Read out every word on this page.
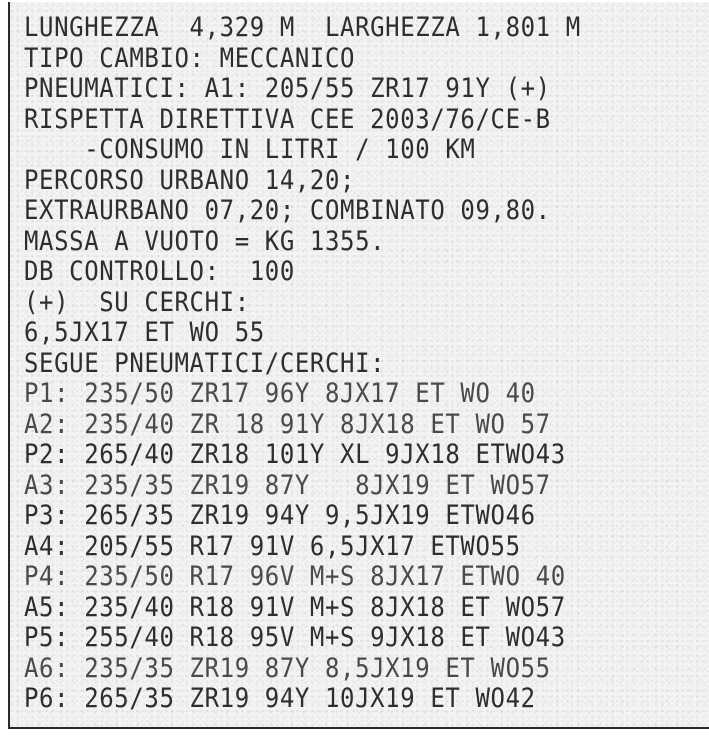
LUNGHEZZA  4,329 M  LARGHEZZA 1,801 M
TIPO CAMBIO: MECCANICO
PNEUMATICI: A1: 205/55 ZR17 91Y (+)
RISPETTA DIRETTIVA CEE 2003/76/CE-B
-CONSUMO IN LITRI / 100 KM
PERCORSO URBANO 14,20;
EXTRAURBANO 07,20; COMBINATO 09,80.
MASSA A VUOTO = KG 1355.
DB CONTROLLO:  100
(+)  SU CERCHI:
6,5JX17 ET WO 55
SEGUE PNEUMATICI/CERCHI:
P1: 235/50 ZR17 96Y 8JX17 ET WO 40
A2: 235/40 ZR 18 91Y 8JX18 ET WO 57
P2: 265/40 ZR18 101Y XL 9JX18 ETWO43
A3: 235/35 ZR19 87Y   8JX19 ET WO57
P3: 265/35 ZR19 94Y 9,5JX19 ETWO46
A4: 205/55 R17 91V 6,5JX17 ETWO55
P4: 235/50 R17 96V M+S 8JX17 ETWO 40
A5: 235/40 R18 91V M+S 8JX18 ET WO57
P5: 255/40 R18 95V M+S 9JX18 ET WO43
A6: 235/35 ZR19 87Y 8,5JX19 ET WO55
P6: 265/35 ZR19 94Y 10JX19 ET WO42
